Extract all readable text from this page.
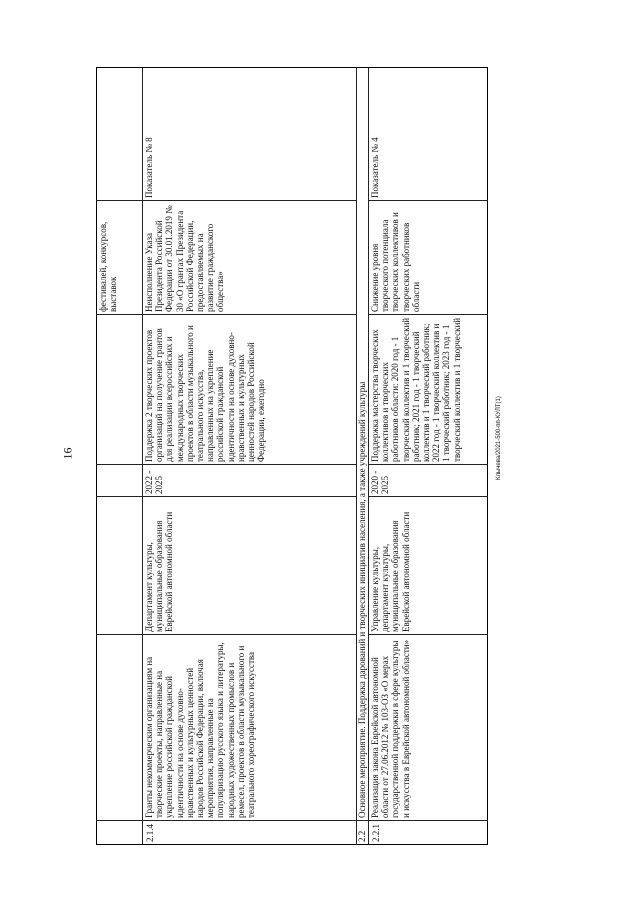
16
фестивалей, конкурсов, выставок
2.1.4
Гранты некоммерческим организациям на творческие проекты, направленные на укрепление российской гражданской идентичности на основе духовно-нравственных и культурных ценностей народов Российской Федерации, включая мероприятия, направленные на популяризацию русского языка и литературы, народных художественных промыслов и ремесел, проектов в области музыкального и театрального хореографического искусства
Департамент культуры, муниципальные образования Еврейской автономной области
2022 - 2025
Поддержка 2 творческих проектов организаций на получение грантов для реализации всероссийских и международных творческих проектов в области музыкального и театрального искусства, направленных на укрепление российской гражданской идентичности на основе духовно-нравственных и культурных ценностей народов Российской Федерации, ежегодно
Неисполнение Указа Президента Российской Федерации от 30.01.2019 № 30 «О грантах Президента Российской Федерации, предоставляемых на развитие гражданского общества»
Показатель № 8
2.2
Основное мероприятие. Поддержка дарований и творческих инициатив населения, а также учреждений культуры
2.2.1
Реализация закона Еврейской автономной области от 27.06.2012 № 103-ОЗ «О мерах государственной поддержки в сфере культуры и искусства в Еврейской автономной области»
Управление культуры, департамент культуры, муниципальные образования Еврейской автономной области
2020 - 2025
Поддержка мастерства творческих коллективов и творческих работников области: 2020 год - 1 творческий коллектив и 1 творческий работник; 2021 год - 1 творческий коллектив и 1 творческий работник; 2022 год - 1 творческий коллектив и 1 творческий работник; 2023 год - 1 творческий коллектив и 1 творческий
Снижение уровня творческого потенциала творческих коллективов и творческих работников области
Показатель № 4
Клычева/2021-500-пп-КУЛТ(1)
